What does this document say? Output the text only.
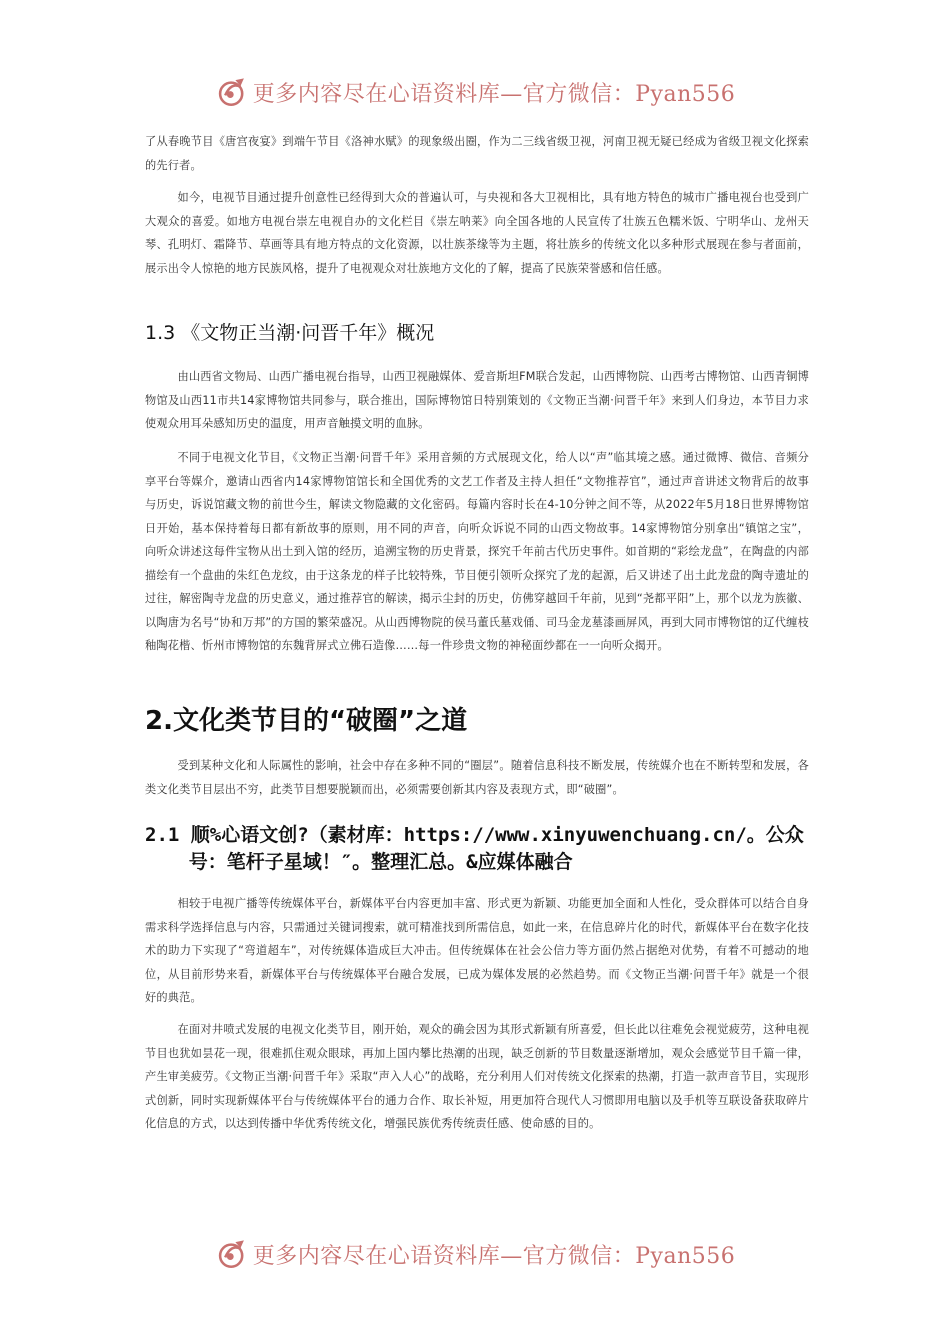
更多内容尽在心语资料库—官方微信：Pyan556

了从春晚节目《唐宫夜宴》到端午节目《洛神水赋》的现象级出圈，作为二三线省级卫视，河南卫视无疑已经成为省级卫视文化探索的先行者。

如今，电视节目通过提升创意性已经得到大众的普遍认可，与央视和各大卫视相比，具有地方特色的城市广播电视台也受到广大观众的喜爱。如地方电视台崇左电视自办的文化栏目《崇左呐莱》向全国各地的人民宣传了壮族五色糯米饭、宁明华山、龙州天琴、孔明灯、霜降节、草画等具有地方特点的文化资源，以壮族茶缘等为主题，将壮族乡的传统文化以多种形式展现在参与者面前，展示出令人惊艳的地方民族风格，提升了电视观众对壮族地方文化的了解，提高了民族荣誉感和信任感。

1.3 《文物正当潮·问晋千年》概况

由山西省文物局、山西广播电视台指导，山西卫视融媒体、爱音斯坦FM联合发起，山西博物院、山西考古博物馆、山西青铜博物馆及山西11市共14家博物馆共同参与，联合推出，国际博物馆日特别策划的《文物正当潮·问晋千年》来到人们身边，本节目力求使观众用耳朵感知历史的温度，用声音触摸文明的血脉。

不同于电视文化节目，《文物正当潮·问晋千年》采用音频的方式展现文化，给人以“声”临其境之感。通过微博、微信、音频分享平台等媒介，邀请山西省内14家博物馆馆长和全国优秀的文艺工作者及主持人担任“文物推荐官”，通过声音讲述文物背后的故事与历史，诉说馆藏文物的前世今生，解读文物隐藏的文化密码。每篇内容时长在4-10分钟之间不等，从2022年5月18日世界博物馆日开始，基本保持着每日都有新故事的原则，用不同的声音，向听众诉说不同的山西文物故事。14家博物馆分别拿出“镇馆之宝”，向听众讲述这每件宝物从出土到入馆的经历，追溯宝物的历史背景，探究千年前古代历史事件。如首期的“彩绘龙盘”，在陶盘的内部描绘有一个盘曲的朱红色龙纹，由于这条龙的样子比较特殊，节目便引领听众探究了龙的起源，后又讲述了出土此龙盘的陶寺遗址的过往，解密陶寺龙盘的历史意义，通过推荐官的解读，揭示尘封的历史，仿佛穿越回千年前，见到“尧都平阳”上，那个以龙为族徽、以陶唐为名号“协和万邦”的方国的繁荣盛况。从山西博物院的侯马董氏墓戏俑、司马金龙墓漆画屏风，再到大同市博物馆的辽代缠枝釉陶花楷、忻州市博物馆的东魏背屏式立佛石造像……每一件珍贵文物的神秘面纱都在一一向听众揭开。

2.文化类节目的“破圈”之道

受到某种文化和人际属性的影响，社会中存在多种不同的“圈层”。随着信息科技不断发展，传统媒介也在不断转型和发展，各类文化类节目层出不穷，此类节目想要脱颖而出，必须需要创新其内容及表现方式，即“破圈”。

2.1 顺%心语文创?（素材库：https://www.xinyuwenchuang.cn/。公众号：笔杆子星域！″。整理汇总。&应媒体融合

相较于电视广播等传统媒体平台，新媒体平台内容更加丰富、形式更为新颖、功能更加全面和人性化，受众群体可以结合自身需求科学选择信息与内容，只需通过关键词搜索，就可精准找到所需信息，如此一来，在信息碎片化的时代，新媒体平台在数字化技术的助力下实现了“弯道超车”，对传统媒体造成巨大冲击。但传统媒体在社会公信力等方面仍然占据绝对优势，有着不可撼动的地位，从目前形势来看，新媒体平台与传统媒体平台融合发展，已成为媒体发展的必然趋势。而《文物正当潮·问晋千年》就是一个很好的典范。

在面对井喷式发展的电视文化类节目，刚开始，观众的确会因为其形式新颖有所喜爱，但长此以往难免会视觉疲劳，这种电视节目也犹如昙花一现，很难抓住观众眼球，再加上国内攀比热潮的出现，缺乏创新的节目数量逐渐增加，观众会感觉节目千篇一律，产生审美疲劳。《文物正当潮·问晋千年》采取“声入人心”的战略，充分利用人们对传统文化探索的热潮，打造一款声音节目，实现形式创新，同时实现新媒体平台与传统媒体平台的通力合作、取长补短，用更加符合现代人习惯即用电脑以及手机等互联设备获取碎片化信息的方式，以达到传播中华优秀传统文化，增强民族优秀传统责任感、使命感的目的。

更多内容尽在心语资料库—官方微信：Pyan556
